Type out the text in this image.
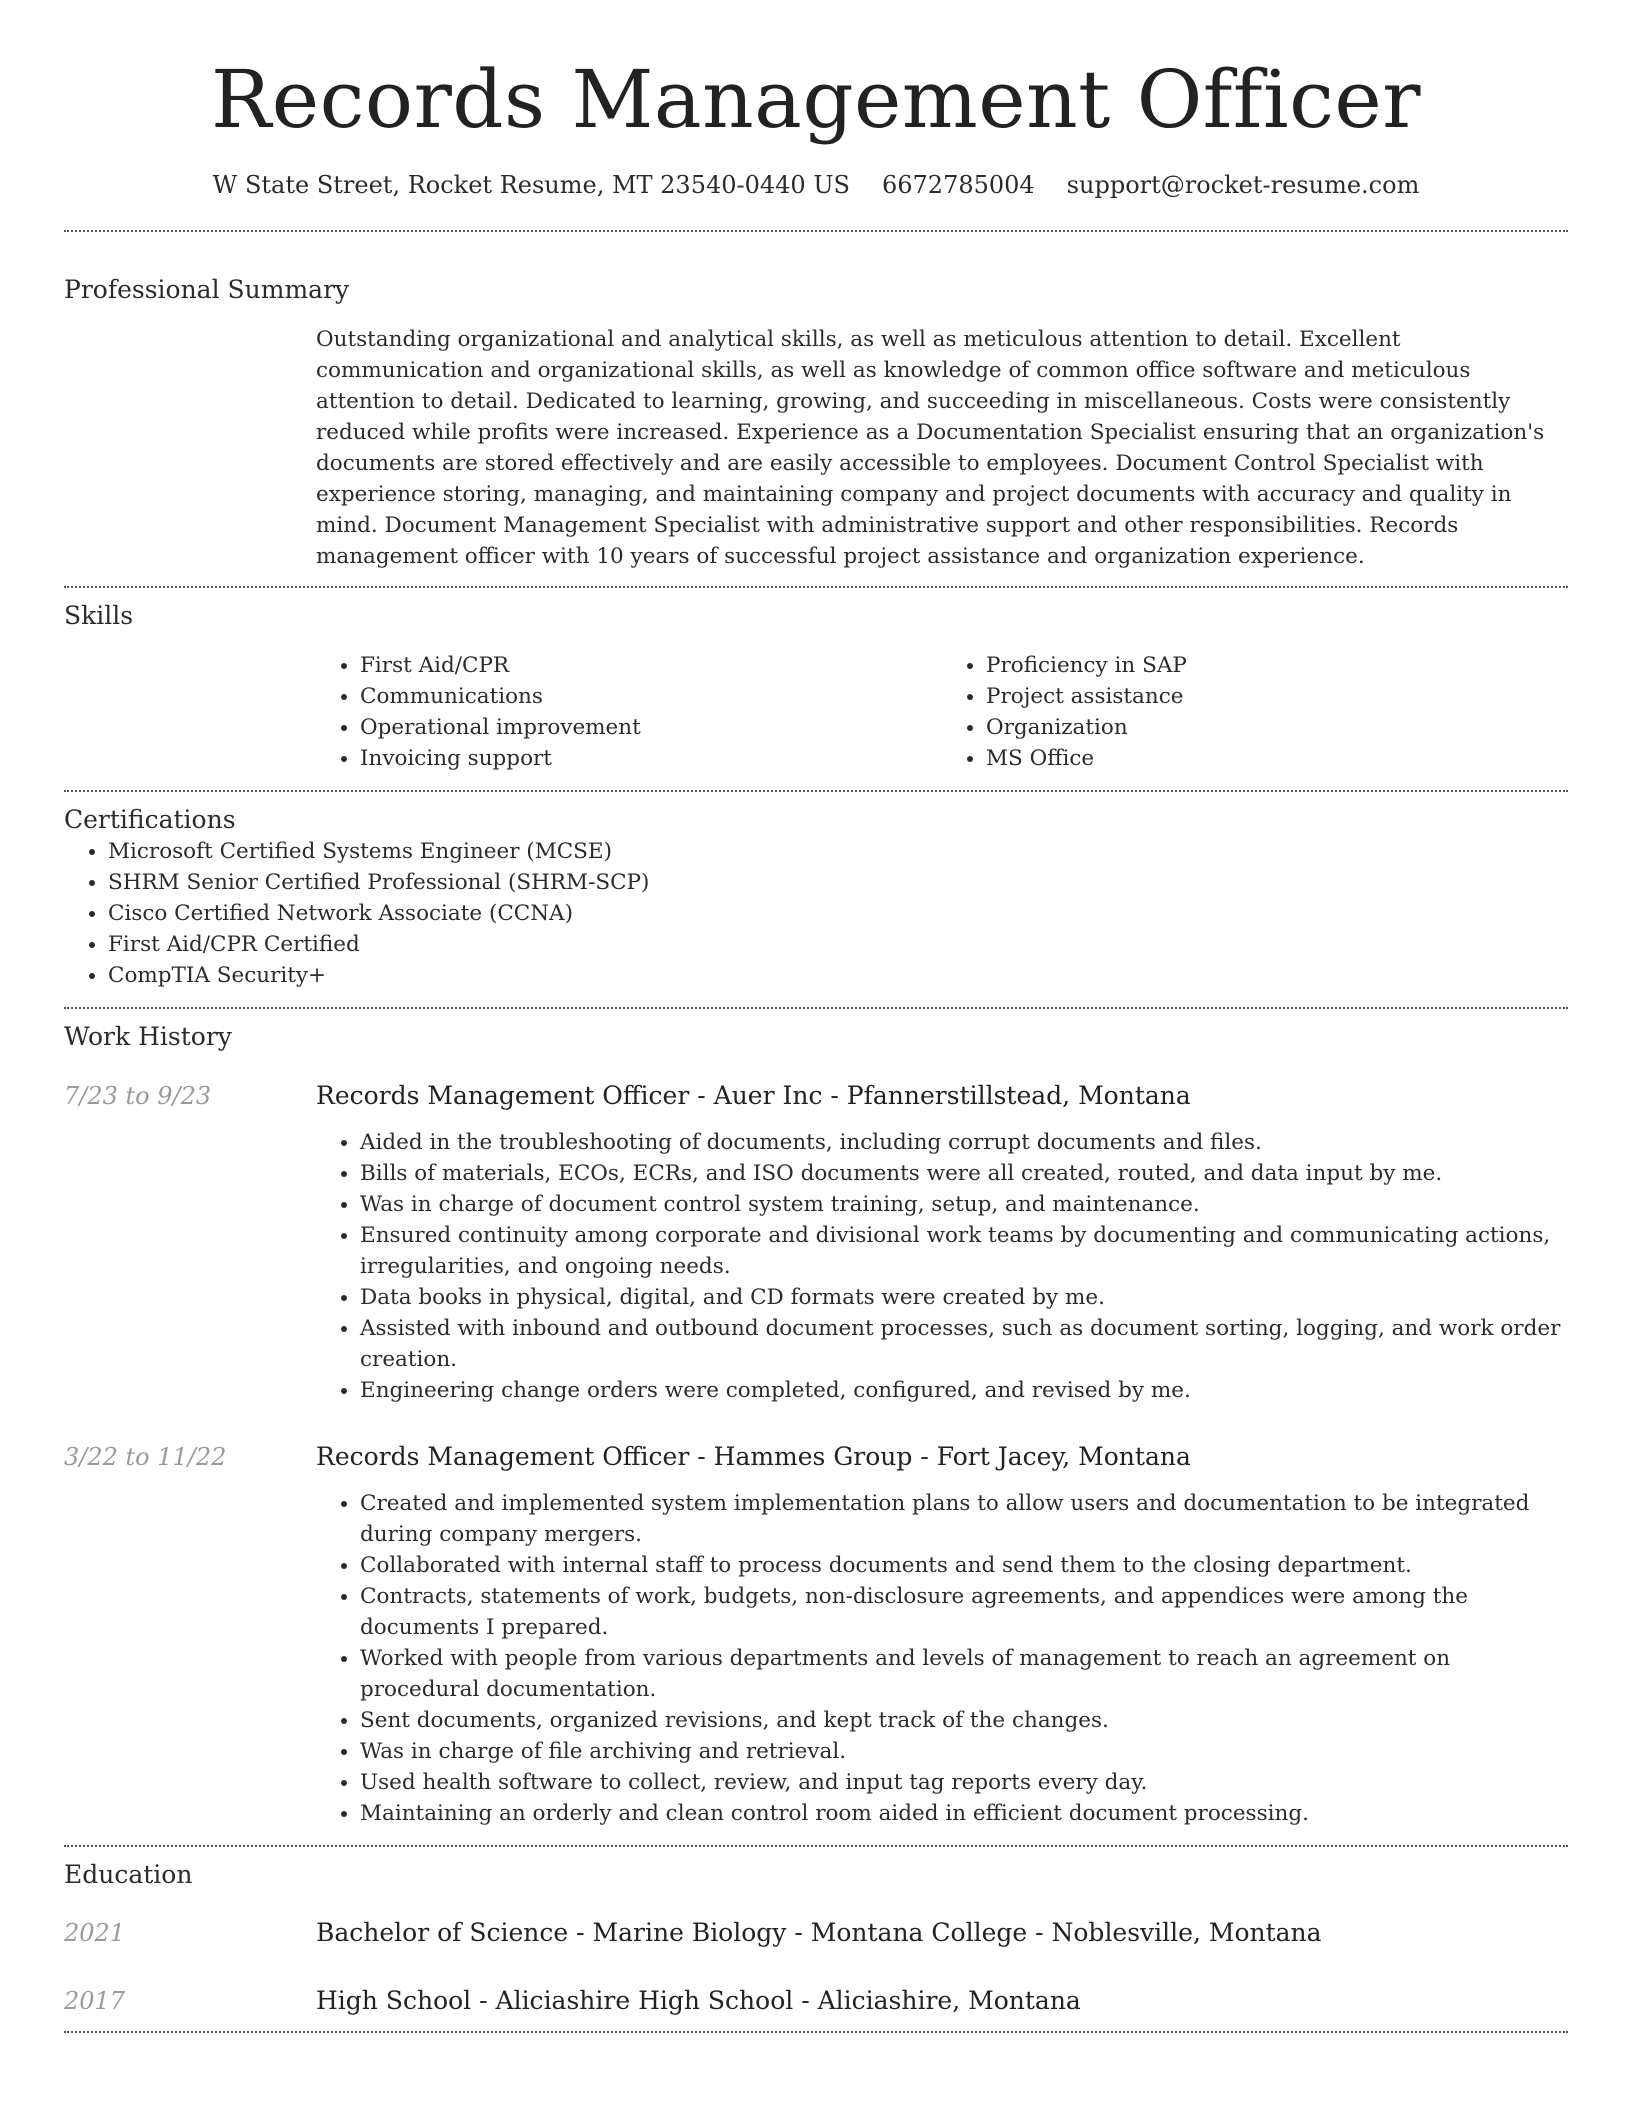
Records Management Officer
W State Street, Rocket Resume, MT 23540-0440 US 6672785004 support@rocket-resume.com
Professional Summary

Outstanding organizational and analytical skills, as well as meticulous attention to detail. Excellent communication and organizational skills, as well as knowledge of common office software and meticulous attention to detail. Dedicated to learning, growing, and succeeding in miscellaneous. Costs were consistently reduced while profits were increased. Experience as a Documentation Specialist ensuring that an organization's documents are stored effectively and are easily accessible to employees. Document Control Specialist with experience storing, managing, and maintaining company and project documents with accuracy and quality in mind. Document Management Specialist with administrative support and other responsibilities. Records management officer with 10 years of successful project assistance and organization experience.

Skills
• First Aid/CPR
• Communications
• Operational improvement
• Invoicing support
• Proficiency in SAP
• Project assistance
• Organization
• MS Office
Certifications
• Microsoft Certified Systems Engineer (MCSE)
• SHRM Senior Certified Professional (SHRM-SCP)
• Cisco Certified Network Associate (CCNA)
• First Aid/CPR Certified
• CompTIA Security+
Work History
7/23 to 9/23	Records Management Officer - Auer Inc - Pfannerstillstead, Montana
• Aided in the troubleshooting of documents, including corrupt documents and files.
• Bills of materials, ECOs, ECRs, and ISO documents were all created, routed, and data input by me.
• Was in charge of document control system training, setup, and maintenance.
• Ensured continuity among corporate and divisional work teams by documenting and communicating actions, irregularities, and ongoing needs.
• Data books in physical, digital, and CD formats were created by me.
• Assisted with inbound and outbound document processes, such as document sorting, logging, and work order creation.
• Engineering change orders were completed, configured, and revised by me.
3/22 to 11/22	Records Management Officer - Hammes Group - Fort Jacey, Montana
• Created and implemented system implementation plans to allow users and documentation to be integrated during company mergers.
• Collaborated with internal staff to process documents and send them to the closing department.
• Contracts, statements of work, budgets, non-disclosure agreements, and appendices were among the documents I prepared.
• Worked with people from various departments and levels of management to reach an agreement on procedural documentation.
• Sent documents, organized revisions, and kept track of the changes.
• Was in charge of file archiving and retrieval.
• Used health software to collect, review, and input tag reports every day.
• Maintaining an orderly and clean control room aided in efficient document processing.
Education
2021	Bachelor of Science - Marine Biology - Montana College - Noblesville, Montana
2017	High School - Aliciashire High School - Aliciashire, Montana
